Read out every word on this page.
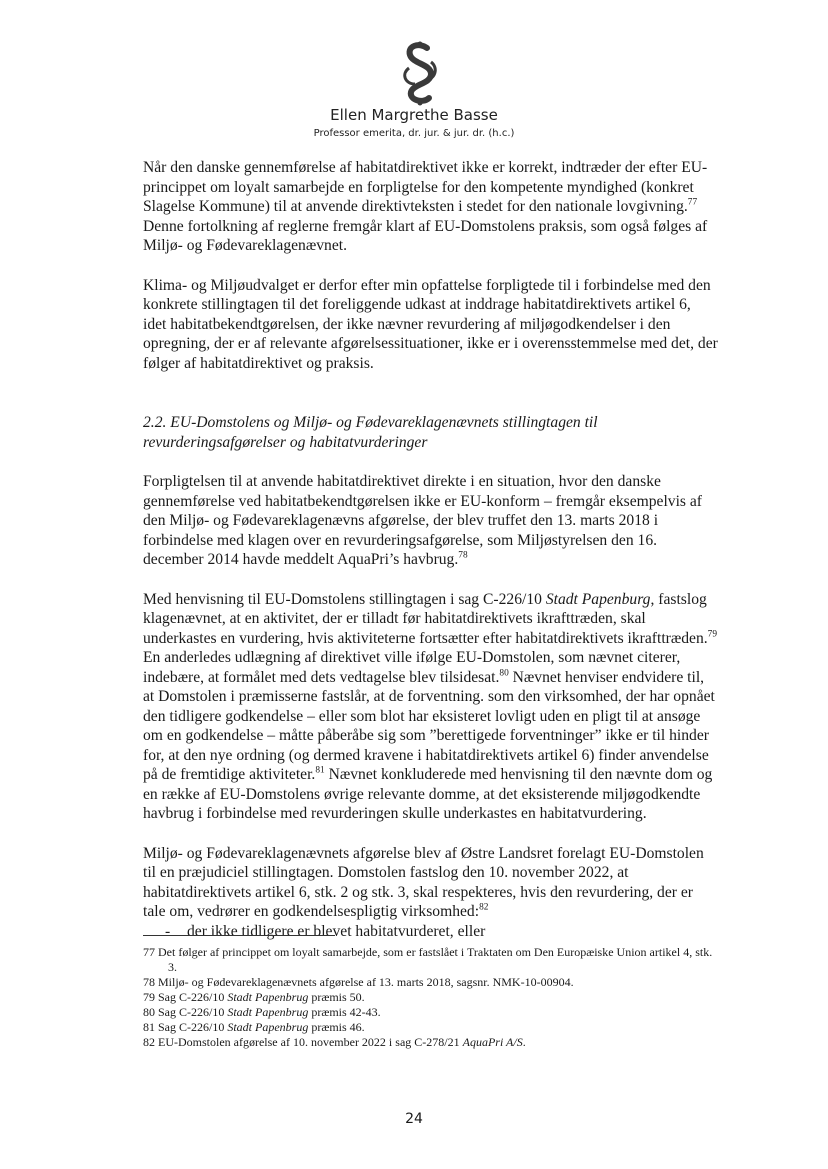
Ellen Margrethe Basse
Professor emerita, dr. jur. & jur. dr. (h.c.)

Når den danske gennemførelse af habitatdirektivet ikke er korrekt, indtræder der efter EU-princippet om loyalt samarbejde en forpligtelse for den kompetente myndighed (konkret Slagelse Kommune) til at anvende direktivteksten i stedet for den nationale lovgivning.$^{77}$ Denne fortolkning af reglerne fremgår klart af EU-Domstolens praksis, som også følges af Miljø- og Fødevareklagenævnet.

Klima- og Miljøudvalget er derfor efter min opfattelse forpligtede til i forbindelse med den konkrete stillingtagen til det foreliggende udkast at inddrage habitatdirektivets artikel 6, idet habitatbekendtgørelsen, der ikke nævner revurdering af miljøgodkendelser i den opregning, der er af relevante afgørelsessituationer, ikke er i overensstemmelse med det, der følger af habitatdirektivet og praksis.

2.2. EU-Domstolens og Miljø- og Fødevareklagenævnets stillingtagen til revurderingsafgørelser og habitatvurderinger

Forpligtelsen til at anvende habitatdirektivet direkte i en situation, hvor den danske gennemførelse ved habitatbekendtgørelsen ikke er EU-konform – fremgår eksempelvis af den Miljø- og Fødevareklagenævns afgørelse, der blev truffet den 13. marts 2018 i forbindelse med klagen over en revurderingsafgørelse, som Miljøstyrelsen den 16. december 2014 havde meddelt AquaPri’s havbrug.$^{78}$

Med henvisning til EU-Domstolens stillingtagen i sag C-226/10 Stadt Papenburg, fastslog klagenævnet, at en aktivitet, der er tilladt før habitatdirektivets ikrafttræden, skal underkastes en vurdering, hvis aktiviteterne fortsætter efter habitatdirektivets ikrafttræden.$^{79}$ En anderledes udlægning af direktivet ville ifølge EU-Domstolen, som nævnet citerer, indebære, at formålet med dets vedtagelse blev tilsidesat.$^{80}$ Nævnet henviser endvidere til, at Domstolen i præmisserne fastslår, at de forventning. som den virksomhed, der har opnået den tidligere godkendelse – eller som blot har eksisteret lovligt uden en pligt til at ansøge om en godkendelse – måtte påberåbe sig som ”berettigede forventninger” ikke er til hinder for, at den nye ordning (og dermed kravene i habitatdirektivets artikel 6) finder anvendelse på de fremtidige aktiviteter.$^{81}$ Nævnet konkluderede med henvisning til den nævnte dom og en række af EU-Domstolens øvrige relevante domme, at det eksisterende miljøgodkendte havbrug i forbindelse med revurderingen skulle underkastes en habitatvurdering.

Miljø- og Fødevareklagenævnets afgørelse blev af Østre Landsret forelagt EU-Domstolen til en præjudiciel stillingtagen. Domstolen fastslog den 10. november 2022, at habitatdirektivets artikel 6, stk. 2 og stk. 3, skal respekteres, hvis den revurdering, der er tale om, vedrører en godkendelsespligtig virksomhed:$^{82}$

- der ikke tidligere er blevet habitatvurderet, eller

77 Det følger af princippet om loyalt samarbejde, som er fastslået i Traktaten om Den Europæiske Union artikel 4, stk. 3.

78 Miljø- og Fødevareklagenævnets afgørelse af 13. marts 2018, sagsnr. NMK-10-00904.

79 Sag C-226/10 Stadt Papenbrug præmis 50.

80 Sag C-226/10 Stadt Papenbrug præmis 42-43.

81 Sag C-226/10 Stadt Papenbrug præmis 46.

82 EU-Domstolen afgørelse af 10. november 2022 i sag C-278/21 AquaPri A/S.

24
